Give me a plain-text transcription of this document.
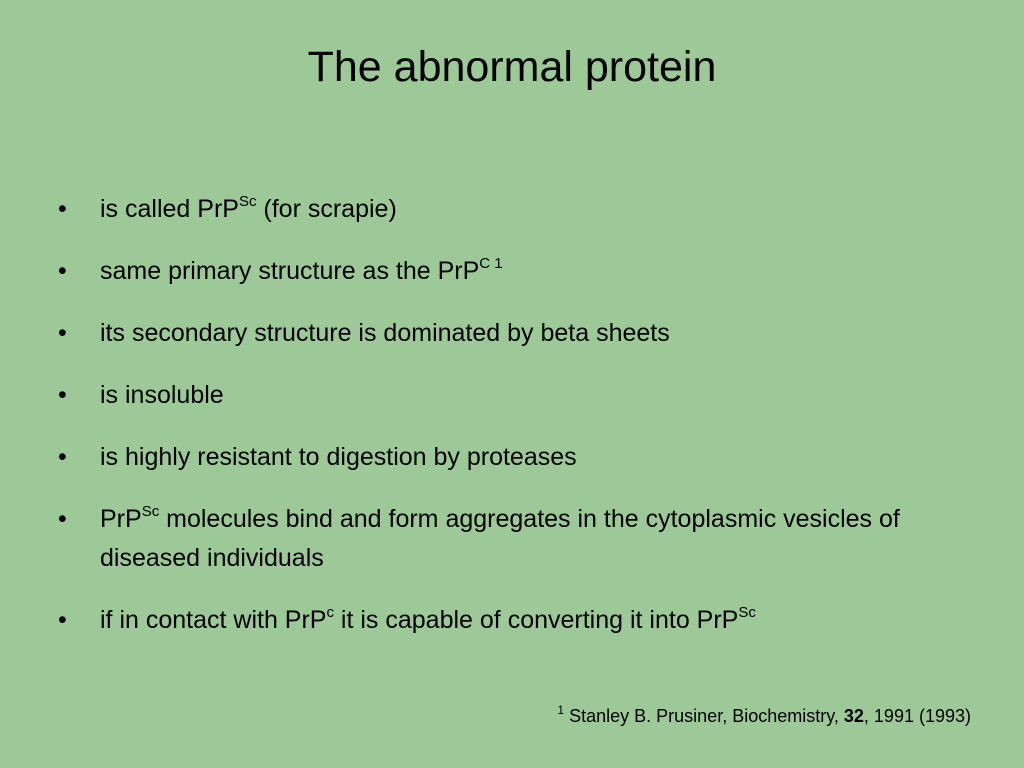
The abnormal protein
•	is called PrP$^{Sc}$ (for scrapie)
•	same primary structure as the PrP$^{C 1}$
•	its secondary structure is dominated by beta sheets
•	is insoluble
•	is highly resistant to digestion by proteases
•	PrP$^{Sc}$ molecules bind and form aggregates in the cytoplasmic vesicles of diseased individuals
•	if in contact with PrP$^c$ it is capable of converting it into PrP$^{Sc}$
$^1$ Stanley B. Prusiner, Biochemistry, 32, 1991 (1993)
